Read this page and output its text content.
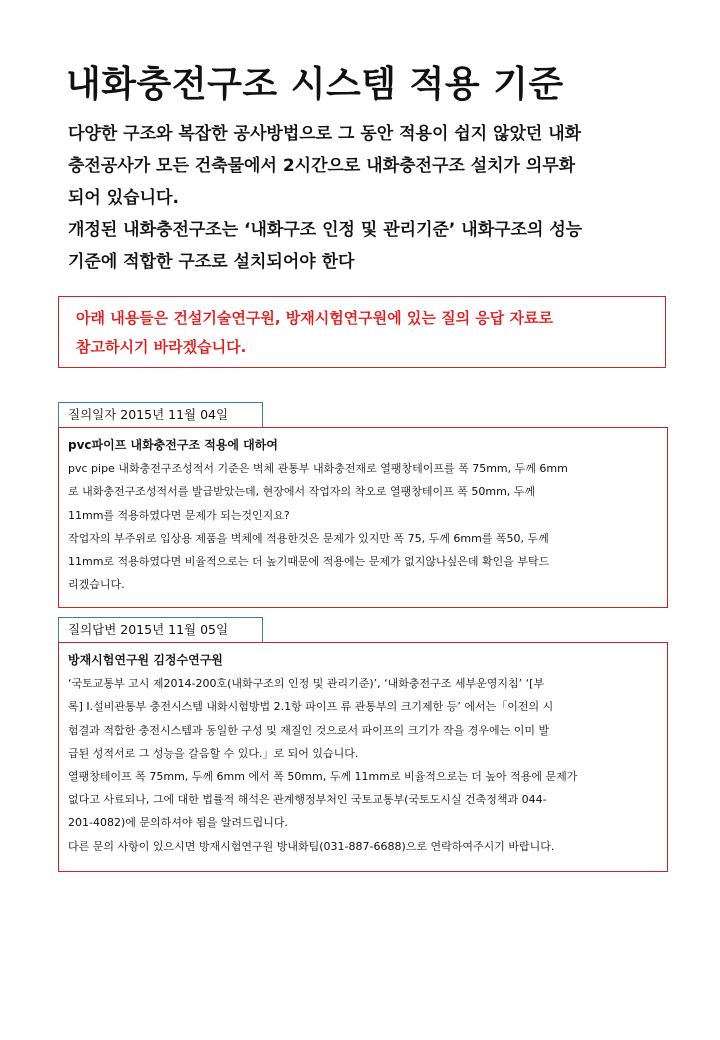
내화충전구조 시스템 적용 기준

다양한 구조와 복잡한 공사방법으로 그 동안 적용이 쉽지 않았던 내화

충전공사가 모든 건축물에서 2시간으로 내화충전구조 설치가 의무화

되어 있습니다.

개정된 내화충전구조는 ‘내화구조 인정 및 관리기준’ 내화구조의 성능

기준에 적합한 구조로 설치되어야 한다

아래 내용들은 건설기술연구원, 방재시험연구원에 있는 질의 응답 자료로
참고하시기 바라겠습니다.
질의일자 2015년 11월 04일
pvc파이프 내화충전구조 적용에 대하여
pvc pipe 내화충전구조성적서 기준은 벽체 관통부 내화충전재로 열팽창테이프를 폭 75mm, 두께 6mm
로 내화충전구조성적서를 발급받았는데, 현장에서 작업자의 착오로 열팽창테이프 폭 50mm, 두께
11mm를 적용하였다면 문제가 되는것인지요?
작업자의 부주위로 입상용 제품을 벽체에 적용한것은 문제가 있지만 폭 75, 두께 6mm를 폭50, 두께
11mm로 적용하였다면 비율적으로는 더 높기때문에 적용에는 문제가 없지않나싶은데 확인을 부탁드
리겠습니다.
질의답변 2015년 11월 05일
방재시험연구원 김정수연구원
‘국토교통부 고시 제2014-200호(내화구조의 인정 및 관리기준)’, ‘내화충전구조 세부운영지침’ ‘[부
록] Ⅰ.설비관통부 충전시스템 내화시험방법 2.1항 파이프 류 관통부의 크기제한 등’ 에서는「이전의 시
험결과 적합한 충전시스템과 동일한 구성 및 재질인 것으로서 파이프의 크기가 작을 경우에는 이미 발
급된 성적서로 그 성능을 갈음할 수 있다.」로 되어 있습니다.
열팽창테이프 폭 75mm, 두께 6mm 에서 폭 50mm, 두께 11mm로 비율적으로는 더 높아 적용에 문제가
없다고 사료되나, 그에 대한 법률적 해석은 관계행정부처인 국토교통부(국토도시실 건축정책과 044-
201-4082)에 문의하셔야 됨을 알려드립니다.
다른 문의 사항이 있으시면 방재시험연구원 방내화팀(031-887-6688)으로 연락하여주시기 바랍니다.
